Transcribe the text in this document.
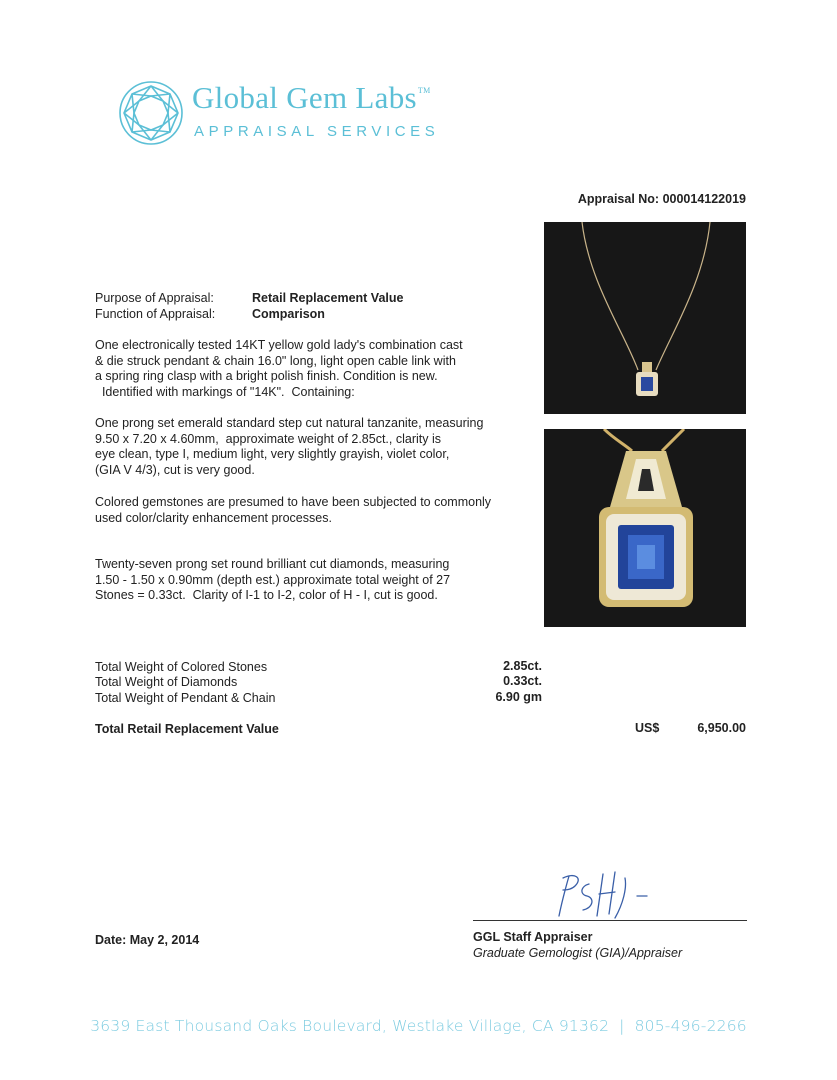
Global Gem Labs™
APPRAISAL SERVICES
Appraisal No: 000014122019
Purpose of Appraisal:	Retail Replacement Value
Function of Appraisal:	Comparison

One electronically tested 14KT yellow gold lady's combination cast

& die struck pendant & chain 16.0" long, light open cable link with

a spring ring clasp with a bright polish finish. Condition is new.

Identified with markings of "14K".  Containing:

One prong set emerald standard step cut natural tanzanite, measuring

9.50 x 7.20 x 4.60mm,  approximate weight of 2.85ct., clarity is

eye clean, type I, medium light, very slightly grayish, violet color,

(GIA V 4/3), cut is very good.

Colored gemstones are presumed to have been subjected to commonly

used color/clarity enhancement processes.

Twenty-seven prong set round brilliant cut diamonds, measuring

1.50 - 1.50 x 0.90mm (depth est.) approximate total weight of 27

Stones = 0.33ct.  Clarity of I-1 to I-2, color of H - I, cut is good.

Total Weight of Colored Stones	2.85ct.
Total Weight of Diamonds	0.33ct.
Total Weight of Pendant & Chain	6.90 gm
Total Retail Replacement Value	US$	6,950.00
Date: May 2, 2014	GGL Staff Appraiser
Graduate Gemologist (GIA)/Appraiser
3639 East Thousand Oaks Boulevard, Westlake Village, CA 91362 | 805-496-2266
